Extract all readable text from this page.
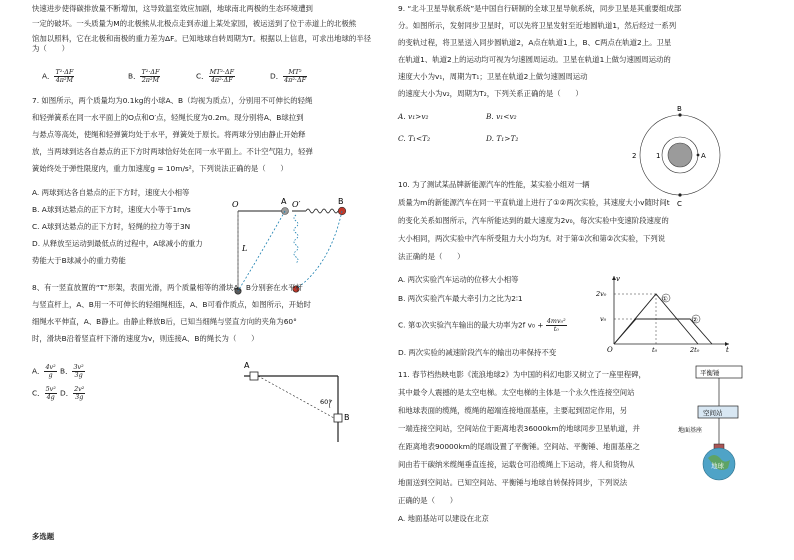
快速进步使得碳排放量不断增加，这导致温室效应加剧，地球南北两极的生态环境遭到
一定的破坏。一头质量为M的北极熊从北极点走到赤道上某处家园，被运送到了位于赤道上的北极熊
馆加以照料，它在北极和南极的重力差为ΔF。已知地球自转周期为T。根据以上信息，可求出地球的半径为（　　）
A． $\frac{\text{T²·ΔF}}{\text{4π²M}}$	B． $\frac{\text{T²·ΔF}}{\text{2π²M}}$	C． $\frac{\text{MT²·ΔF}}{\text{4π²·ΔF}}$	D． $\frac{\text{MT²}}{\text{4π²·ΔF}}$
7. 如图所示，两个质量均为0.1kg的小球A、B（均视为质点），分别用不可伸长的轻绳
和轻弹簧系在同一水平面上的O点和O′点，轻绳长度为0.2m。现分别将A、B球拉到
与悬点等高处，使绳和轻弹簧均处于水平，弹簧处于原长。将两球分别由静止开始释
放，当两球到达各自悬点的正下方时两球恰好处在同一水平面上。不计空气阻力，轻弹
簧始终处于弹性限度内，重力加速度g = 10m/s²，下列说法正确的是（　　）
A. 两球到达各自悬点的正下方时，速度大小相等
B. A球到达悬点的正下方时，速度大小等于1m/s
C. A球到达悬点的正下方时，轻绳的拉力等于3N
D. 从释放至运动到最低点的过程中，A球减小的重力
势能大于B球减小的重力势能
O	A O′	B
L
8、有一竖直放置的“T”形架，表面光滑，两个质量相等的滑块A、B分别套在水平杆
与竖直杆上，A、B用一不可伸长的轻细绳相连，A、B可看作质点，如图所示，开始时
细绳水平伸直，A、B静止。由静止释放B后，已知当细绳与竖直方向的夹角为60°
时，滑块B沿着竖直杆下滑的速度为v，则连接A、B的绳长为（　　）
A． $\frac{\text{4v²}}{g}$ B． $\frac{\text{3v²}}{3g}$
C． $\frac{\text{5v²}}{4g}$ D． $\frac{\text{2v²}}{3g}$
A
B
60°
多选题
9. “北斗卫星导航系统”是中国自行研制的全球卫星导航系统，同步卫星是其重要组成部
分。如图所示，发射同步卫星时，可以先将卫星发射至近地圆轨道1，然后经过一系列
的变轨过程，将卫星送入同步圆轨道2，A点在轨道1上，B、C两点在轨道2上。卫星
在轨道1、轨道2上的运动均可视为匀速圆周运动。卫星在轨道1上做匀速圆周运动的
速度大小为v₁，周期为T₁；卫星在轨道2上做匀速圆周运动
的速度大小为v₂，周期为T₂，下列关系正确的是（　　）
A. v₁>v₂	B. v₁<v₂
C. T₁<T₂	D. T₁>T₂
B
C
A
1
2
10. 为了测试某品牌新能源汽车的性能，某实验小组对一辆
质量为m的新能源汽车在同一平直轨道上进行了①②两次实验，其速度大小v随时间t
的变化关系如图所示，汽车所能达到的最大速度为2v₀，每次实验中变速阶段速度的
大小相同，两次实验中汽车所受阻力大小均为f。对于第①次和第②次实验，下列说
法正确的是（　　）
A. 两次实验汽车运动的位移大小相等
B. 两次实验汽车最大牵引力之比为2∶1
C. 第①次实验汽车输出的最大功率为2f $v_0 + \frac{\text{4mv₀²}}{\text{t₀}}$
D. 两次实验的减速阶段汽车的输出功率保持不变
v
t
O
2v₀
v₀
t₀	2t₀
①
②
11. 春节档热映电影《流浪地球2》为中国的科幻电影又树立了一座里程碑，
其中最令人震撼的是太空电梯。太空电梯的主体是一个永久性连接空间站
和地球表面的缆绳，缆绳的超端连接地面基座，主要起到固定作用，另
一端连接空间站，空间站位于距离地表36000km的地球同步卫星轨道，并
在距离地表90000km的尾端设置了平衡锤。空间站、平衡锤、地面基座之
间由若干碳纳米缆绳垂直连接，运载仓可沿缆绳上下运动，将人和货物从
地面送到空间站。已知空间站、平衡锤与地球自转保持同步，下列说法
正确的是（　　）
A. 地面基站可以建设在北京
平衡锤
空间站
地面基座
地球
